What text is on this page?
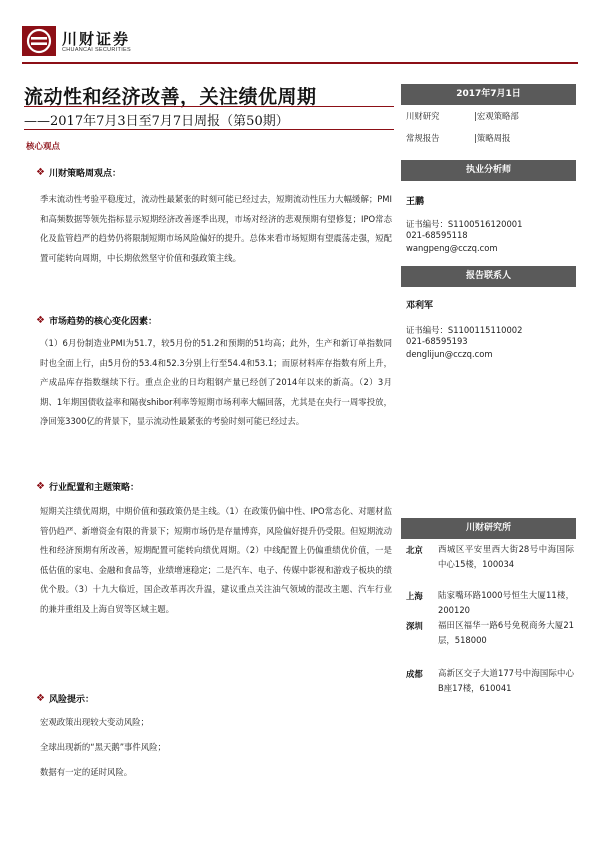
川财证券
CHUANCAI SECURITIES
流动性和经济改善，关注绩优周期
——2017年7月3日至7月7日周报（第50期）
核心观点
❖ 川财策略周观点：
季末流动性考验平稳度过，流动性最紧张的时刻可能已经过去，短期流动性压力大幅缓解；PMI和高频数据等领先指标显示短期经济改善逐季出现，市场对经济的悲观预期有望修复；IPO常态化及监管趋严的趋势仍将限制短期市场风险偏好的提升。总体来看市场短期有望震荡走强，短配置可能转向周期，中长期依然坚守价值和强政策主线。
❖ 市场趋势的核心变化因素：
（1）6月份制造业PMI为51.7，较5月份的51.2和预期的51均高；此外，生产和新订单指数同时也全面上行，由5月份的53.4和52.3分别上行至54.4和53.1；而原材料库存指数有所上升，产成品库存指数继续下行。重点企业的日均粗钢产量已经创了2014年以来的新高。（2）3月期、1年期国债收益率和隔夜shibor利率等短期市场利率大幅回落，尤其是在央行一周零投放，净回笼3300亿的背景下，显示流动性最紧张的考验时刻可能已经过去。
❖ 行业配置和主题策略：
短期关注绩优周期，中期价值和强政策仍是主线。（1）在政策仍偏中性、IPO常态化、对题材监管仍趋严、新增资金有限的背景下；短期市场仍是存量博弈，风险偏好提升仍受限。但短期流动性和经济预期有所改善，短期配置可能转向绩优周期。（2）中线配置上仍偏重绩优价值，一是低估值的家电、金融和食品等，业绩增速稳定；二是汽车、电子、传媒中影视和游戏子板块的绩优个股。（3）十九大临近，国企改革再次升温，建议重点关注油气领域的混改主题、汽车行业的兼并重组及上海自贸等区域主题。
❖ 风险提示：
宏观政策出现较大变动风险；
全球出现新的“黑天鹅”事件风险；
数据有一定的延时风险。
2017年7月1日
川财研究	|宏观策略部
常规报告	|策略周报
执业分析师
王鹏
证书编号：S1100516120001
021-68595118
wangpeng@cczq.com
报告联系人
邓利军
证书编号：S1100115110002
021-68595193
denglijun@cczq.com
川财研究所
北京 西城区平安里西大街28号中海国际中心15楼，100034
上海 陆家嘴环路1000号恒生大厦11楼，200120
深圳 福田区福华一路6号免税商务大厦21层，518000
成都 高新区交子大道177号中海国际中心B座17楼，610041
